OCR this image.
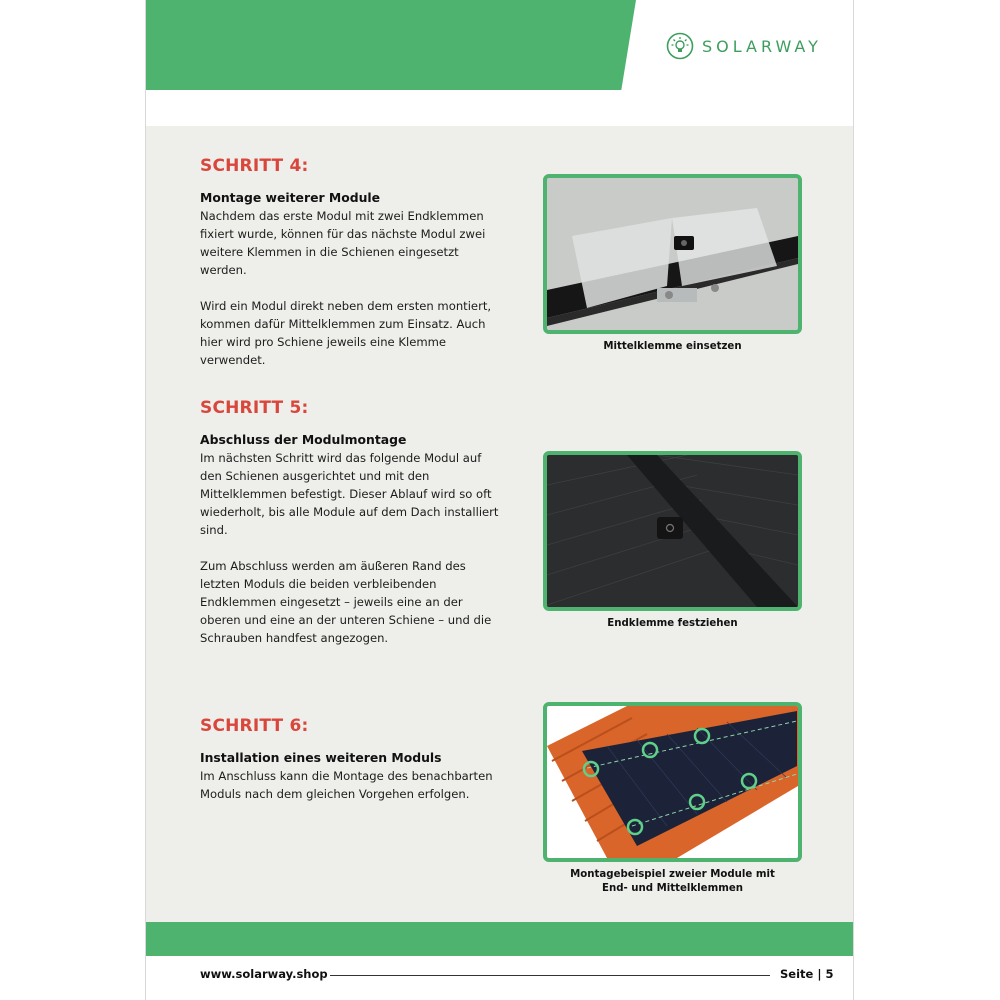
SOLARWAY
SCHRITT 4:
Montage weiterer Module

Nachdem das erste Modul mit zwei Endklemmen fixiert wurde, können für das nächste Modul zwei weitere Klemmen in die Schienen eingesetzt werden.

Wird ein Modul direkt neben dem ersten montiert, kommen dafür Mittelklemmen zum Einsatz. Auch hier wird pro Schiene jeweils eine Klemme verwendet.

Mittelklemme einsetzen
SCHRITT 5:
Abschluss der Modulmontage

Im nächsten Schritt wird das folgende Modul auf den Schienen ausgerichtet und mit den Mittelklemmen befestigt. Dieser Ablauf wird so oft wiederholt, bis alle Module auf dem Dach installiert sind.

Zum Abschluss werden am äußeren Rand des letzten Moduls die beiden verbleibenden Endklemmen eingesetzt – jeweils eine an der oberen und eine an der unteren Schiene – und die Schrauben handfest angezogen.

Endklemme festziehen
SCHRITT 6:
Installation eines weiteren Moduls

Im Anschluss kann die Montage des benachbarten Moduls nach dem gleichen Vorgehen erfolgen.

Montagebeispiel zweier Module mit
End- und Mittelklemmen
www.solarway.shop	Seite | 5
